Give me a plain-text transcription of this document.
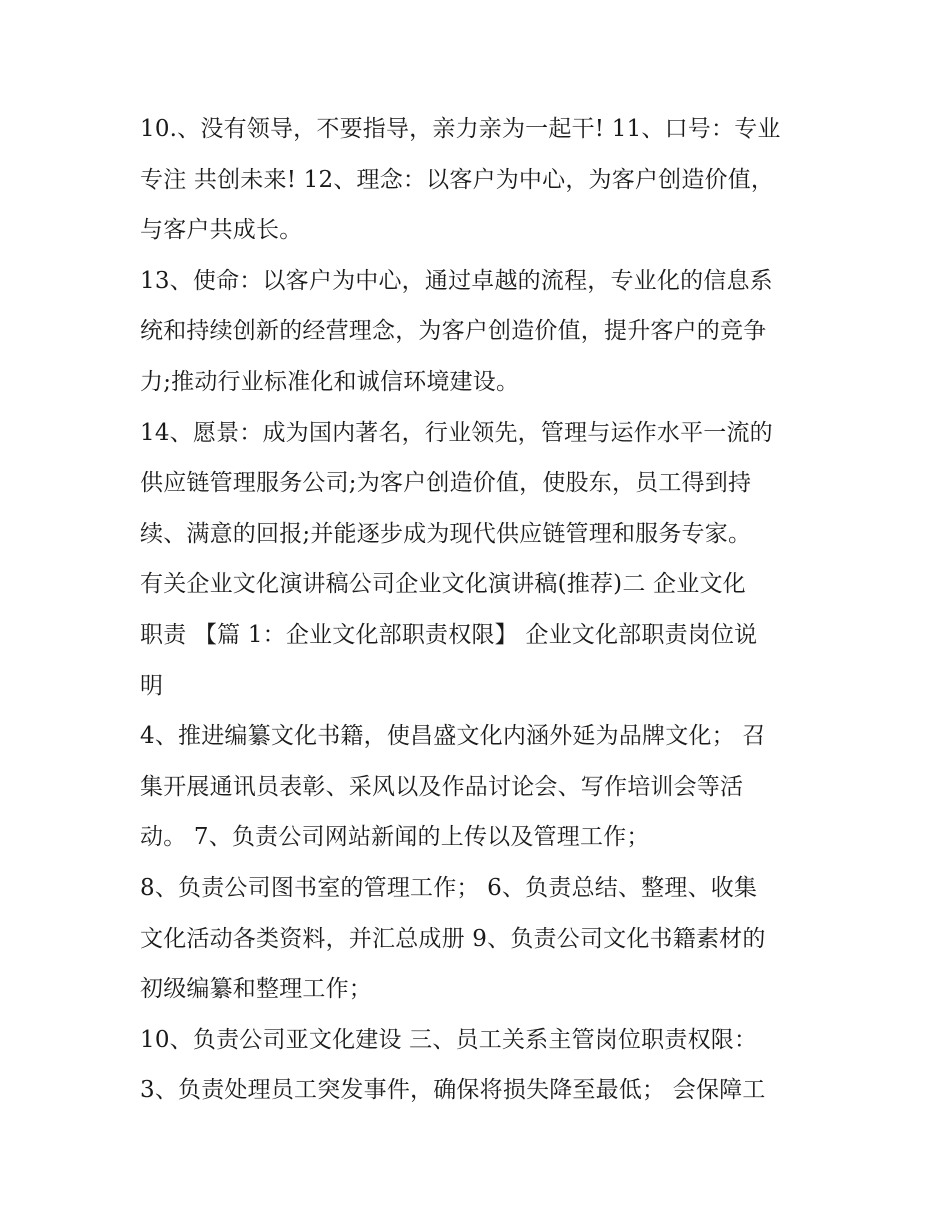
10.、没有领导，不要指导，亲力亲为一起干! 11、口号：专业
专注 共创未来! 12、理念：以客户为中心，为客户创造价值，
与客户共成长。

13、使命：以客户为中心，通过卓越的流程，专业化的信息系
统和持续创新的经营理念，为客户创造价值，提升客户的竞争
力;推动行业标准化和诚信环境建设。

14、愿景：成为国内著名，行业领先，管理与运作水平一流的
供应链管理服务公司;为客户创造价值，使股东，员工得到持
续、满意的回报;并能逐步成为现代供应链管理和服务专家。
有关企业文化演讲稿公司企业文化演讲稿(推荐)二 企业文化
职责 【篇 1：企业文化部职责权限】 企业文化部职责岗位说
明

4、推进编纂文化书籍，使昌盛文化内涵外延为品牌文化； 召
集开展通讯员表彰、采风以及作品讨论会、写作培训会等活
动。 7、负责公司网站新闻的上传以及管理工作；

8、负责公司图书室的管理工作； 6、负责总结、整理、收集
文化活动各类资料，并汇总成册 9、负责公司文化书籍素材的
初级编纂和整理工作；

10、负责公司亚文化建设 三、员工关系主管岗位职责权限：

3、负责处理员工突发事件，确保将损失降至最低； 会保障工
